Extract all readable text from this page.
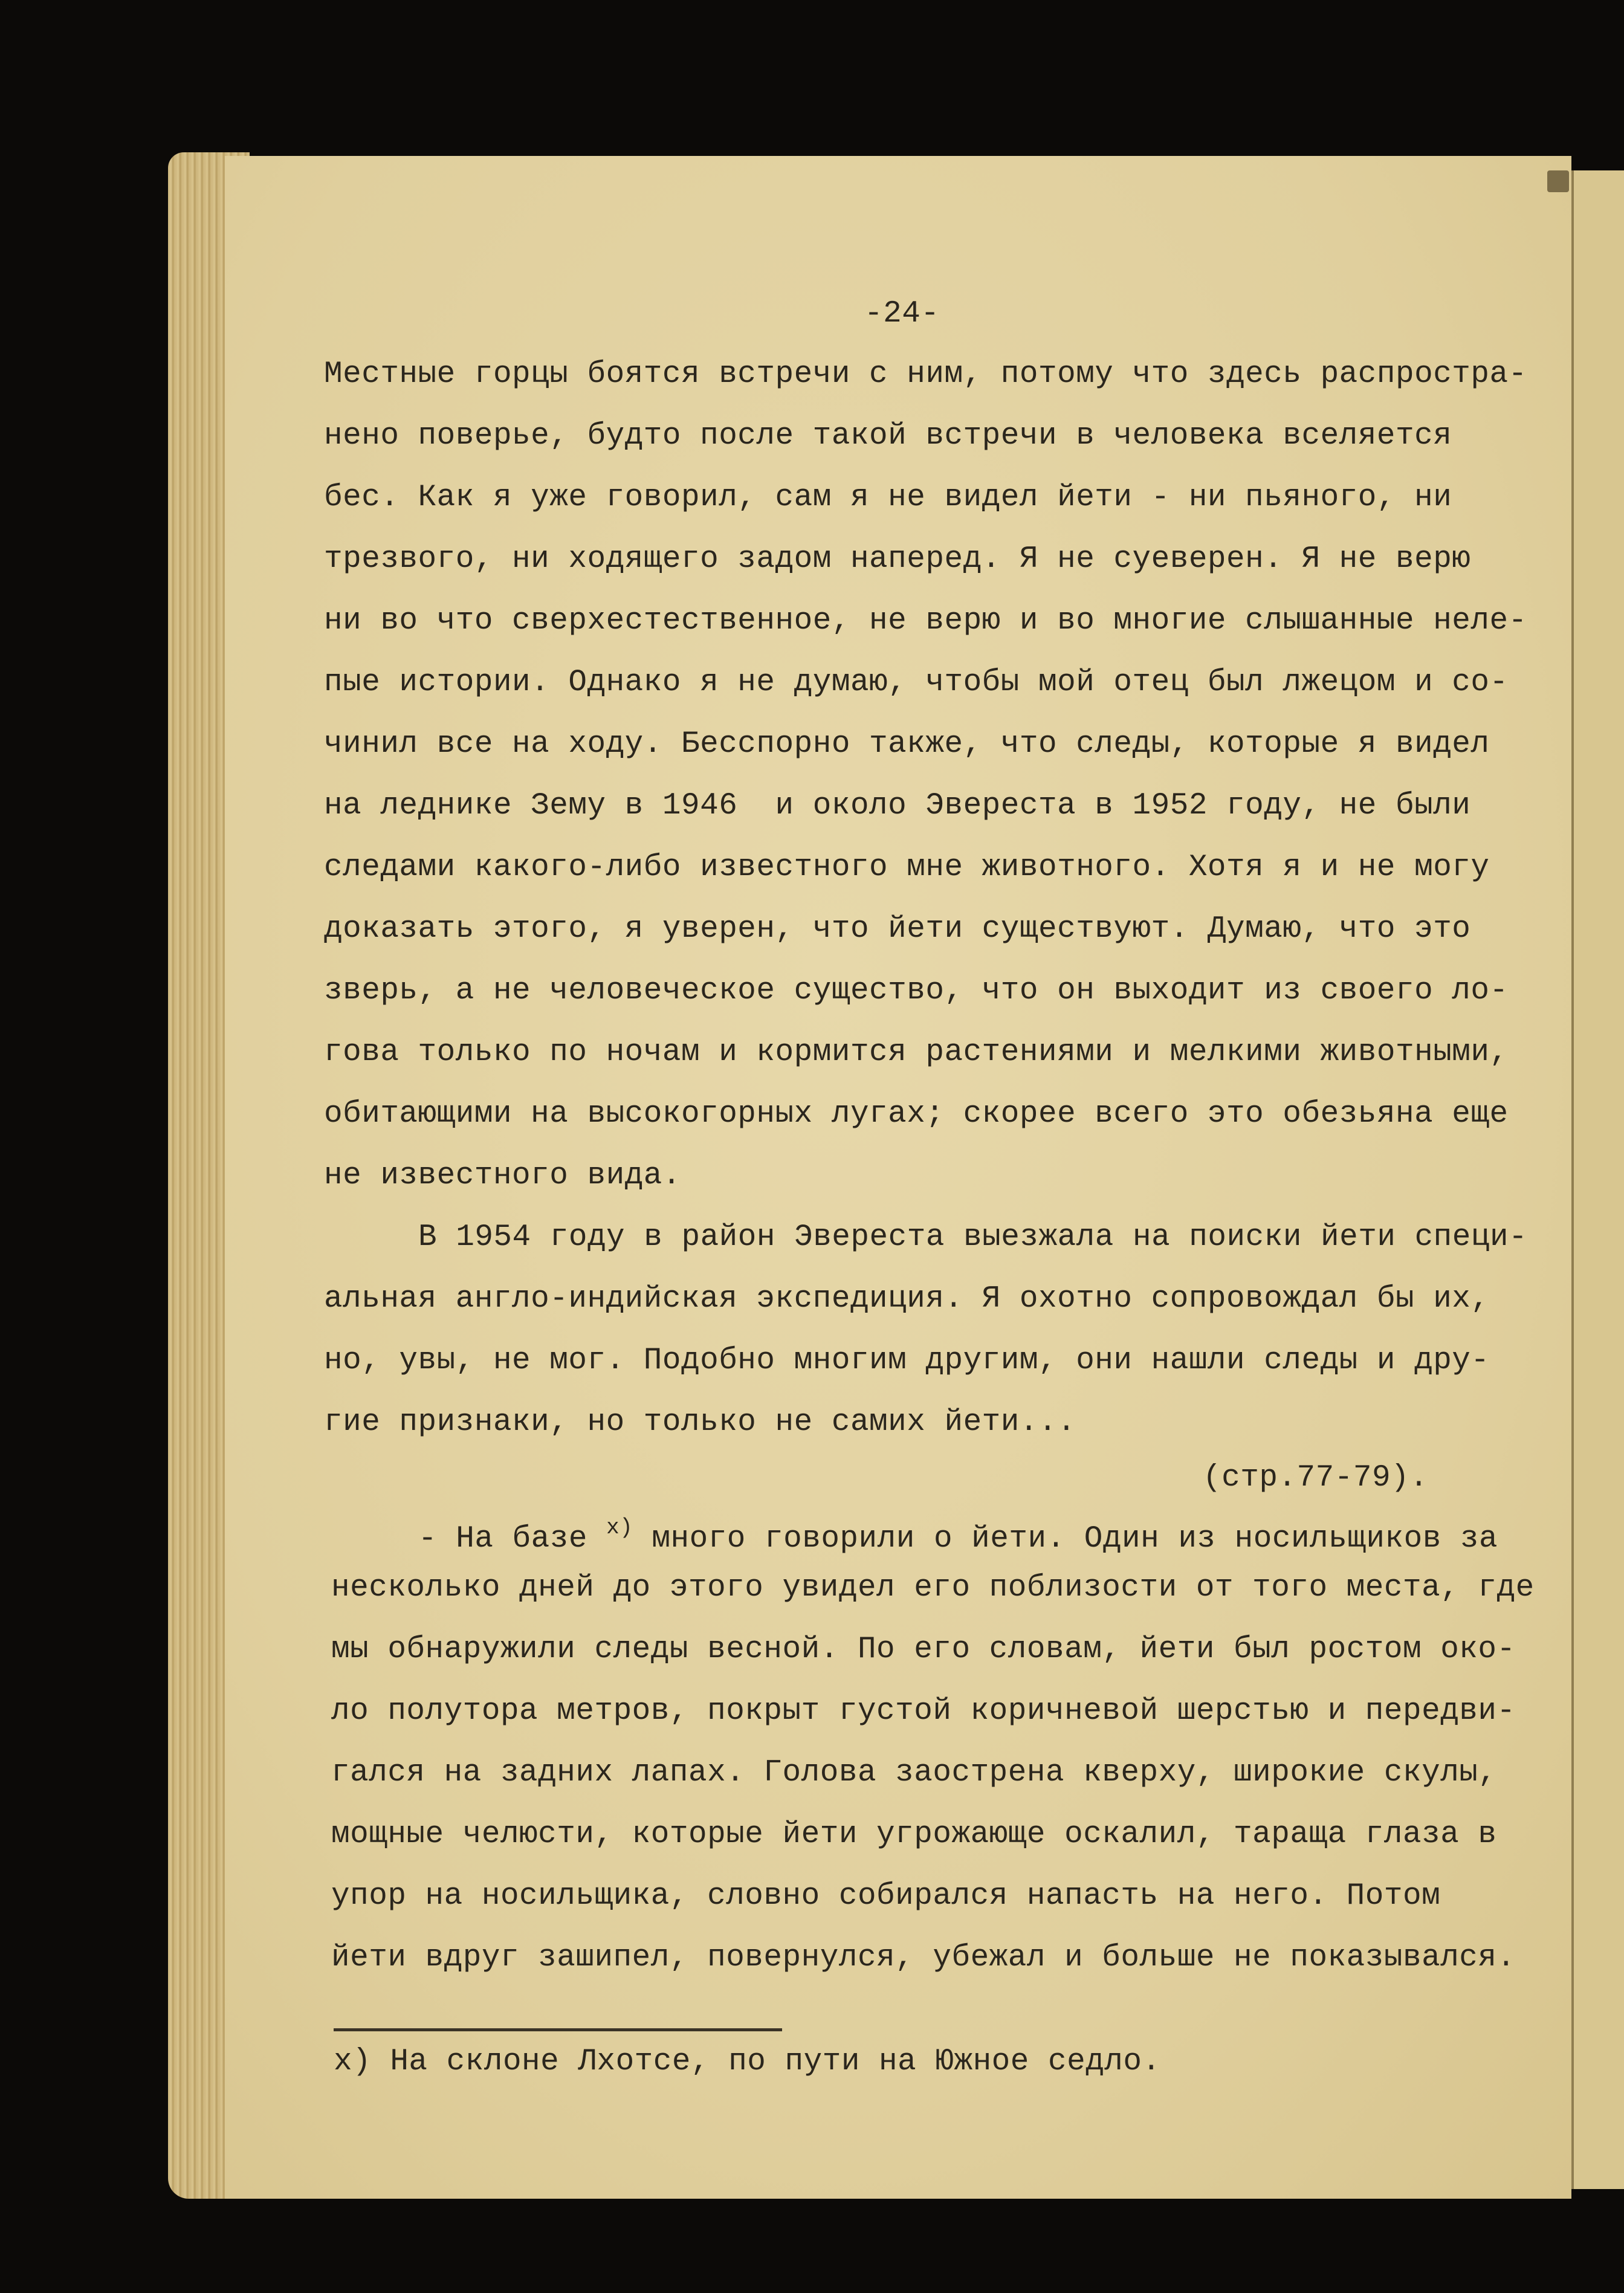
-24-
Местные горцы боятся встречи с ним, потому что здесь распростра-
нено поверье, будто после такой встречи в человека вселяется
бес. Как я уже говорил, сам я не видел йети - ни пьяного, ни
трезвого, ни ходящего задом наперед. Я не суеверен. Я не верю
ни во что сверхестественное, не верю и во многие слышанные неле-
пые истории. Однако я не думаю, чтобы мой отец был лжецом и со-
чинил все на ходу. Бесспорно также, что следы, которые я видел
на леднике Зему в 1946  и около Эвереста в 1952 году, не были
следами какого-либо известного мне животного. Хотя я и не могу
доказать этого, я уверен, что йети существуют. Думаю, что это
зверь, а не человеческое существо, что он выходит из своего ло-
гова только по ночам и кормится растениями и мелкими животными,
обитающими на высокогорных лугах; скорее всего это обезьяна еще
не известного вида.
В 1954 году в район Эвереста выезжала на поиски йети специ-
альная англо-индийская экспедиция. Я охотно сопровождал бы их,
но, увы, не мог. Подобно многим другим, они нашли следы и дру-
гие признаки, но только не самих йети...
(стр.77-79).
- На базе $^{x)}$ много говорили о йети. Один из носильщиков за
несколько дней до этого увидел его поблизости от того места, где
мы обнаружили следы весной. По его словам, йети был ростом око-
ло полутора метров, покрыт густой коричневой шерстью и передви-
гался на задних лапах. Голова заострена кверху, широкие скулы,
мощные челюсти, которые йети угрожающе оскалил, таращa глаза в
упор на носильщика, словно собирался напасть на него. Потом
йети вдруг зашипел, повернулся, убежал и больше не показывался.
x) На склоне Лхотсе, по пути на Южное седло.
